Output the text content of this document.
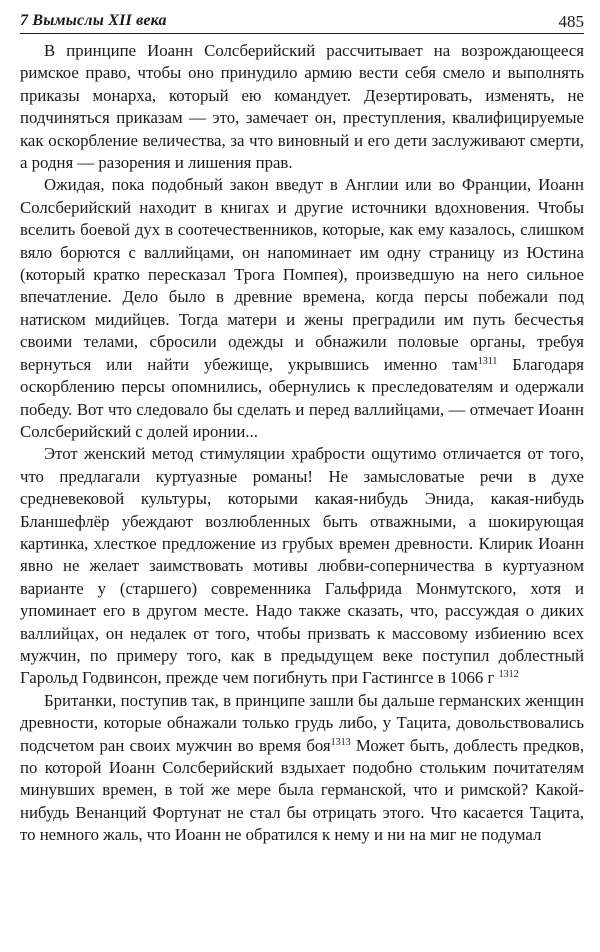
7 Вымыслы XII века	485

В принципе Иоанн Солсберийский рассчитывает на возрождающееся римское право, чтобы оно принудило армию вести себя смело и выполнять приказы монарха, который ею командует. Дезертировать, изменять, не подчиняться приказам — это, замечает он, преступления, квалифицируемые как оскорбление величества, за что виновный и его дети заслуживают смерти, а родня — разорения и лишения прав.

Ожидая, пока подобный закон введут в Англии или во Франции, Иоанн Солсберийский находит в книгах и другие источники вдохновения. Чтобы вселить боевой дух в соотечественников, которые, как ему казалось, слишком вяло борются с валлийцами, он напоминает им одну страницу из Юстина (который кратко пересказал Трога Помпея), произведшую на него сильное впечатление. Дело было в древние времена, когда персы побежали под натиском мидийцев. Тогда матери и жены преградили им путь бесчестья своими телами, сбросили одежды и обнажили половые органы, требуя вернуться или найти убежище, укрывшись именно там$^{1311}$ Благодаря оскорблению персы опомнились, обернулись к преследователям и одержали победу. Вот что следовало бы сделать и перед валлийцами, — отмечает Иоанн Солсберийский с долей иронии...

Этот женский метод стимуляции храбрости ощутимо отличается от того, что предлагали куртуазные романы! Не замысловатые речи в духе средневековой культуры, которыми какая-нибудь Энида, какая-нибудь Бланшефлёр убеждают возлюбленных быть отважными, а шокирующая картинка, хлесткое предложение из грубых времен древности. Клирик Иоанн явно не желает заимствовать мотивы любви-соперничества в куртуазном варианте у (старшего) современника Гальфрида Монмутского, хотя и упоминает его в другом месте. Надо также сказать, что, рассуждая о диких валлийцах, он недалек от того, чтобы призвать к массовому избиению всех мужчин, по примеру того, как в предыдущем веке поступил доблестный Гарольд Годвинсон, прежде чем погибнуть при Гастингсе в 1066 г $^{1312}$

Британки, поступив так, в принципе зашли бы дальше германских женщин древности, которые обнажали только грудь либо, у Тацита, довольствовались подсчетом ран своих мужчин во время боя$^{1313}$ Может быть, доблесть предков, по которой Иоанн Солсберийский вздыхает подобно стольким почитателям минувших времен, в той же мере была германской, что и римской? Какой-нибудь Венанций Фортунат не стал бы отрицать этого. Что касается Тацита, то немного жаль, что Иоанн не обратился к нему и ни на миг не подумал
